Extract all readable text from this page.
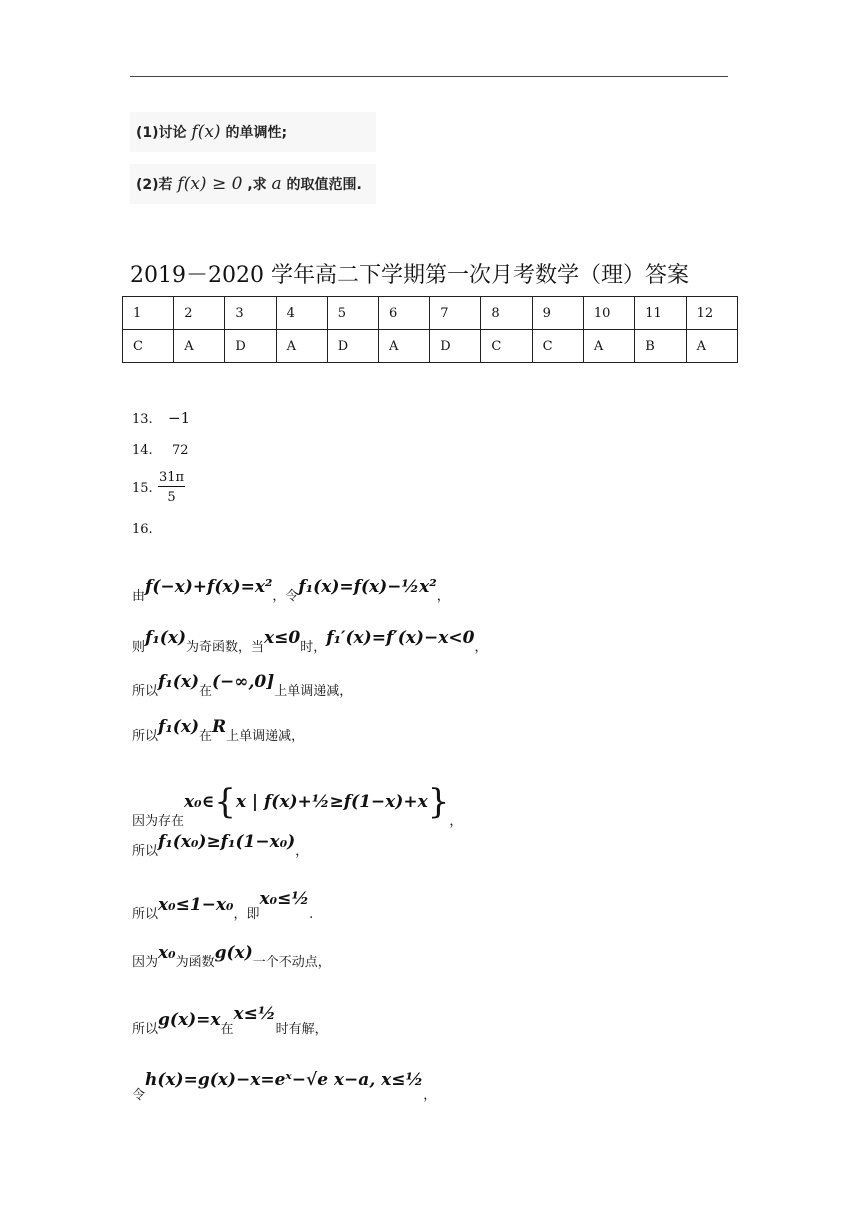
(1)讨论 f(x) 的单调性;
(2)若 f(x) ≥ 0 ,求 a 的取值范围.
2019－2020 学年高二下学期第一次月考数学（理）答案
1	2	3	4	5	6	7	8	9	10	11	12
C	A	D	A	D	A	D	C	C	A	B	A
13. −1
14. 72
15. $\frac{31\pi}{5}$
16.
由f(−x)+f(x)=x²，令f₁(x)=f(x)−½x²，
则f₁(x)为奇函数，当x≤0时，f₁′(x)=f′(x)−x<0，
所以f₁(x)在(−∞,0]上单调递减，
所以f₁(x)在R上单调递减，
因为存在x₀∈{x | f(x)+½≥f(1−x)+x}，
所以f₁(x₀)≥f₁(1−x₀)，
所以x₀≤1−x₀，即x₀≤½.
因为x₀为函数g(x)一个不动点，
所以g(x)=x在x≤½时有解，
令h(x)=g(x)−x=eˣ−√e x−a, x≤½，
